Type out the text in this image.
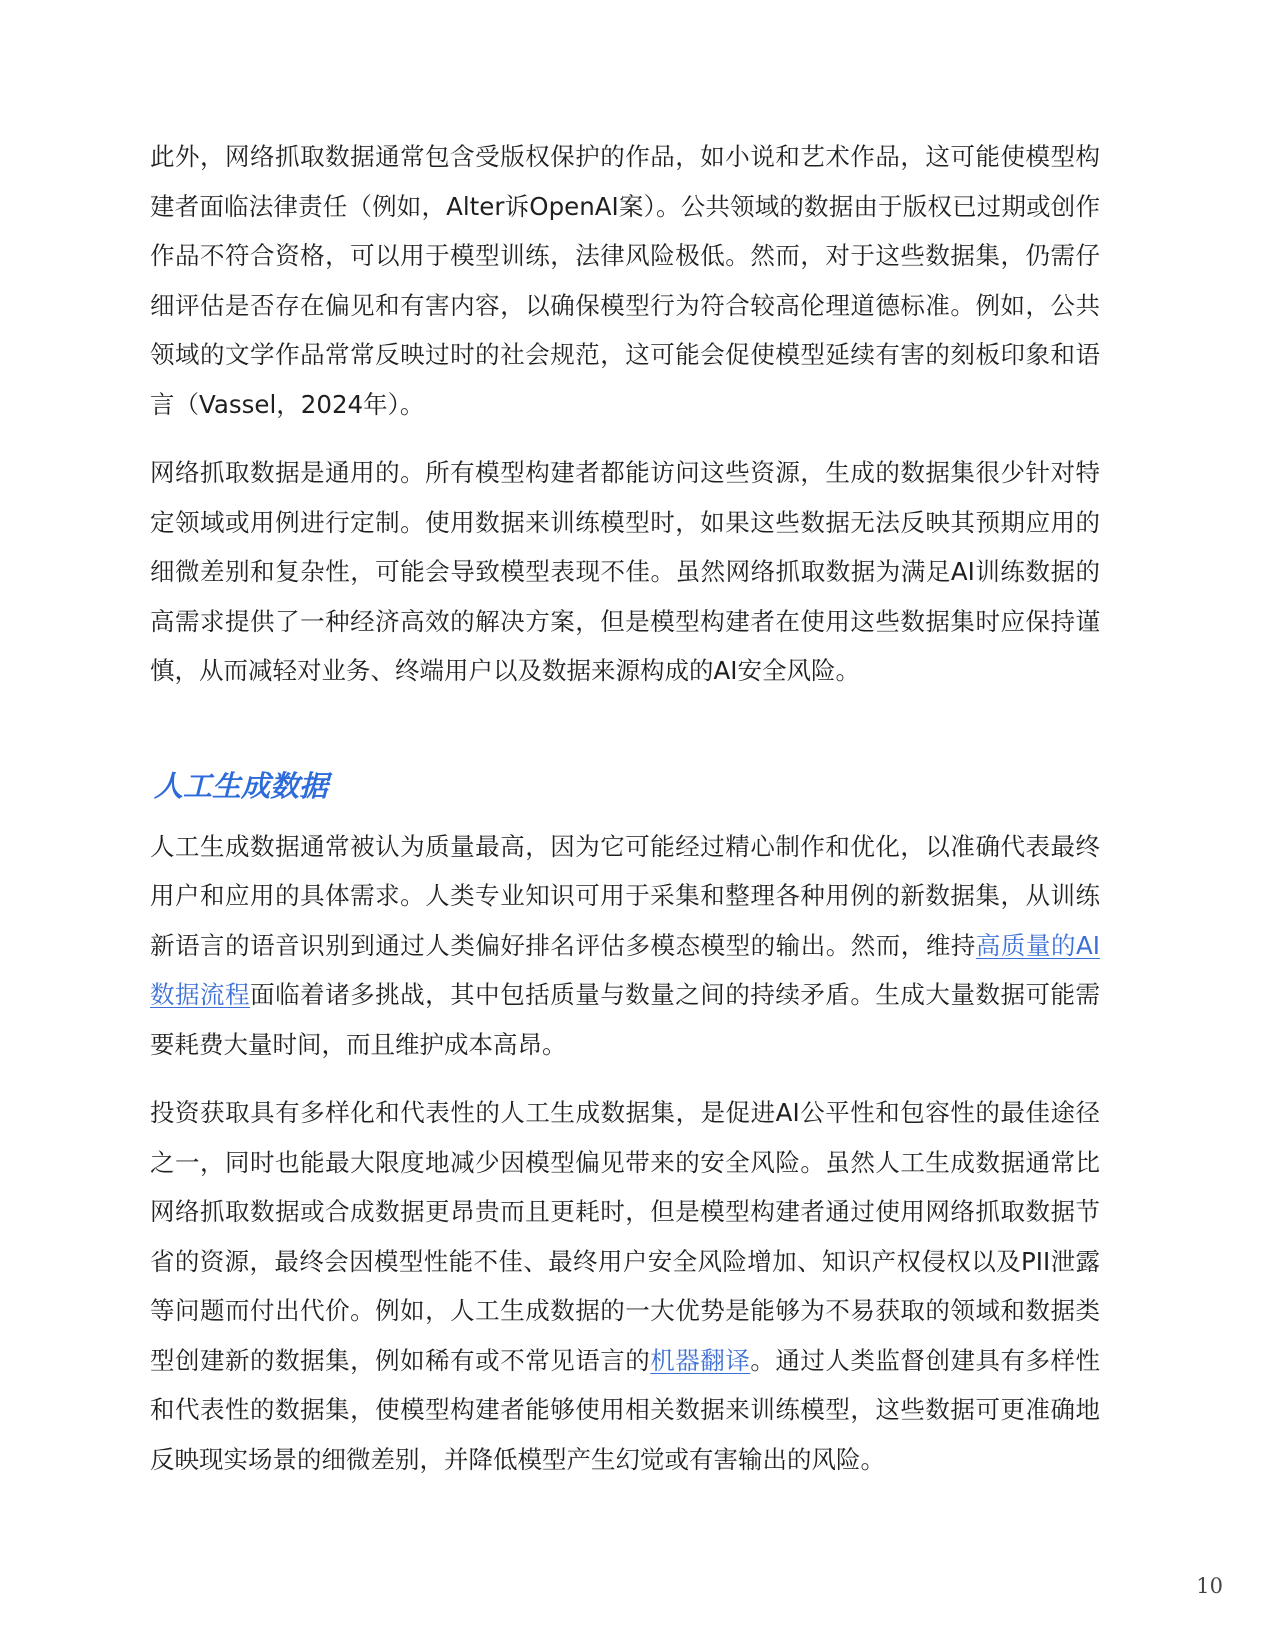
此外，网络抓取数据通常包含受版权保护的作品，如小说和艺术作品，这可能使模型构建者面临法律责任（例如，Alter诉OpenAI案）。公共领域的数据由于版权已过期或创作作品不符合资格，可以用于模型训练，法律风险极低。然而，对于这些数据集，仍需仔细评估是否存在偏见和有害内容，以确保模型行为符合较高伦理道德标准。例如，公共领域的文学作品常常反映过时的社会规范，这可能会促使模型延续有害的刻板印象和语言（Vassel，2024年）。

网络抓取数据是通用的。所有模型构建者都能访问这些资源，生成的数据集很少针对特定领域或用例进行定制。使用数据来训练模型时，如果这些数据无法反映其预期应用的细微差别和复杂性，可能会导致模型表现不佳。虽然网络抓取数据为满足AI训练数据的高需求提供了一种经济高效的解决方案，但是模型构建者在使用这些数据集时应保持谨慎，从而减轻对业务、终端用户以及数据来源构成的AI安全风险。

人工生成数据

人工生成数据通常被认为质量最高，因为它可能经过精心制作和优化，以准确代表最终用户和应用的具体需求。人类专业知识可用于采集和整理各种用例的新数据集，从训练新语言的语音识别到通过人类偏好排名评估多模态模型的输出。然而，维持高质量的AI数据流程面临着诸多挑战，其中包括质量与数量之间的持续矛盾。生成大量数据可能需要耗费大量时间，而且维护成本高昂。

投资获取具有多样化和代表性的人工生成数据集，是促进AI公平性和包容性的最佳途径之一，同时也能最大限度地减少因模型偏见带来的安全风险。虽然人工生成数据通常比网络抓取数据或合成数据更昂贵而且更耗时，但是模型构建者通过使用网络抓取数据节省的资源，最终会因模型性能不佳、最终用户安全风险增加、知识产权侵权以及PII泄露等问题而付出代价。例如，人工生成数据的一大优势是能够为不易获取的领域和数据类型创建新的数据集，例如稀有或不常见语言的机器翻译。通过人类监督创建具有多样性和代表性的数据集，使模型构建者能够使用相关数据来训练模型，这些数据可更准确地反映现实场景的细微差别，并降低模型产生幻觉或有害输出的风险。

10
